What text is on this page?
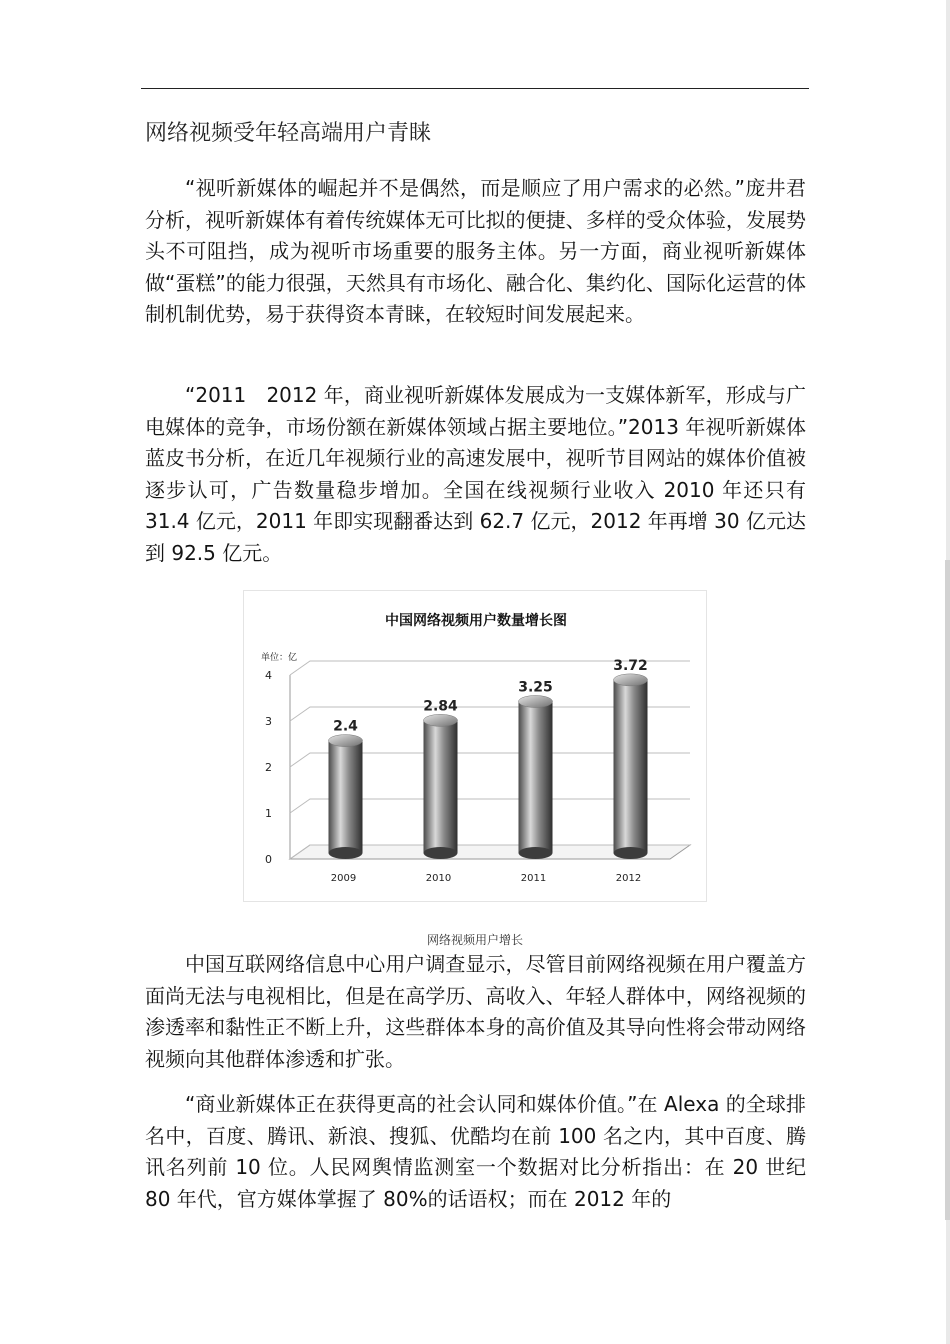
网络视频受年轻高端用户青睐

“视听新媒体的崛起并不是偶然，而是顺应了用户需求的必然。”庞井君分析，视听新媒体有着传统媒体无可比拟的便捷、多样的受众体验，发展势头不可阻挡，成为视听市场重要的服务主体。另一方面，商业视听新媒体做“蛋糕”的能力很强，天然具有市场化、融合化、集约化、国际化运营的体制机制优势，易于获得资本青睐，在较短时间发展起来。

“2011　2012 年，商业视听新媒体发展成为一支媒体新军，形成与广电媒体的竞争，市场份额在新媒体领域占据主要地位。”2013 年视听新媒体蓝皮书分析，在近几年视频行业的高速发展中，视听节目网站的媒体价值被逐步认可，广告数量稳步增加。全国在线视频行业收入 2010 年还只有 31.4 亿元，2011 年即实现翻番达到 62.7 亿元，2012 年再增 30 亿元达到 92.5 亿元。

中国网络视频用户数量增长图
单位：亿
0
1
2
3
4
2.4
2009
2.84
2010
3.25
2011
3.72
2012

网络视频用户增长

中国互联网络信息中心用户调查显示，尽管目前网络视频在用户覆盖方面尚无法与电视相比，但是在高学历、高收入、年轻人群体中，网络视频的渗透率和黏性正不断上升，这些群体本身的高价值及其导向性将会带动网络视频向其他群体渗透和扩张。

“商业新媒体正在获得更高的社会认同和媒体价值。”在 Alexa 的全球排名中，百度、腾讯、新浪、搜狐、优酷均在前 100 名之内，其中百度、腾讯名列前 10 位。人民网舆情监测室一个数据对比分析指出：在 20 世纪 80 年代，官方媒体掌握了 80%的话语权；而在 2012 年的
